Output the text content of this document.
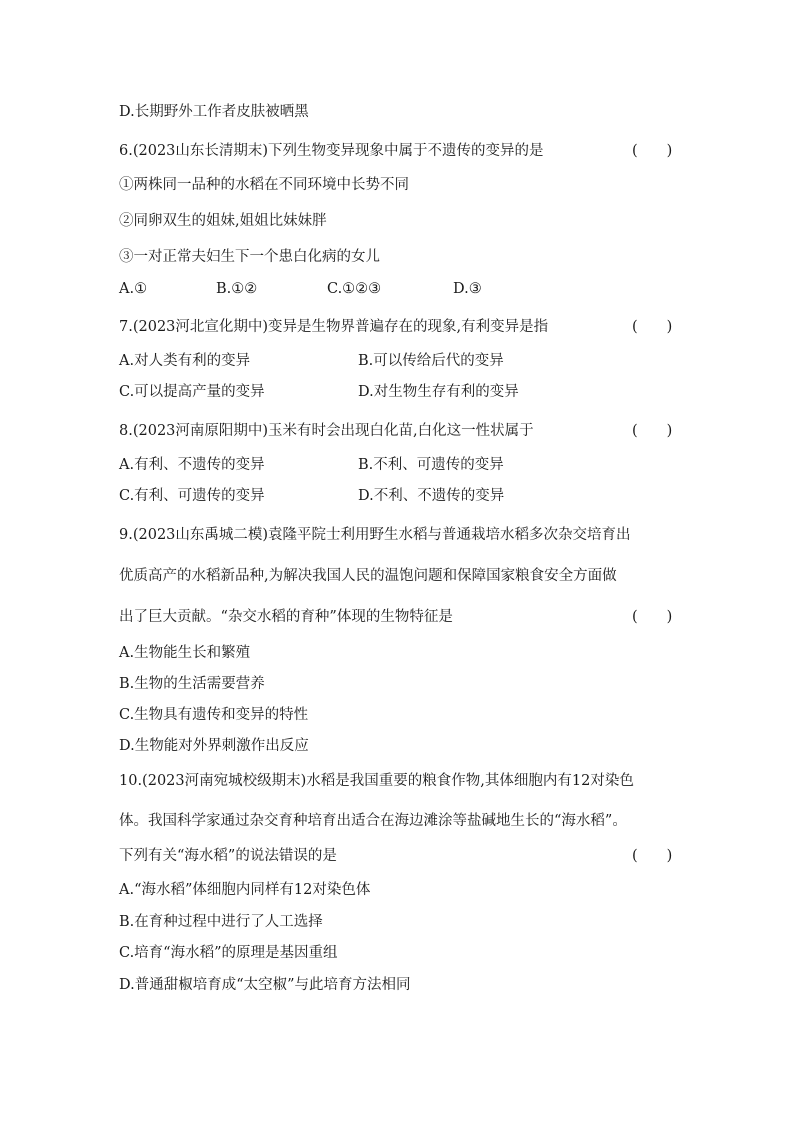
D.长期野外工作者皮肤被晒黑
6.(2023山东长清期末)下列生物变异现象中属于不遗传的变异的是	(　　)
①两株同一品种的水稻在不同环境中长势不同
②同卵双生的姐妹,姐姐比妹妹胖
③一对正常夫妇生下一个患白化病的女儿
A.①	B.①②	C.①②③	D.③
7.(2023河北宣化期中)变异是生物界普遍存在的现象,有利变异是指	(　　)
A.对人类有利的变异	B.可以传给后代的变异
C.可以提高产量的变异	D.对生物生存有利的变异
8.(2023河南原阳期中)玉米有时会出现白化苗,白化这一性状属于	(　　)
A.有利、不遗传的变异	B.不利、可遗传的变异
C.有利、可遗传的变异	D.不利、不遗传的变异
9.(2023山东禹城二模)袁隆平院士利用野生水稻与普通栽培水稻多次杂交培育出
优质高产的水稻新品种,为解决我国人民的温饱问题和保障国家粮食安全方面做
出了巨大贡献。“杂交水稻的育种”体现的生物特征是	(　　)
A.生物能生长和繁殖
B.生物的生活需要营养
C.生物具有遗传和变异的特性
D.生物能对外界刺激作出反应
10.(2023河南宛城校级期末)水稻是我国重要的粮食作物,其体细胞内有12对染色
体。我国科学家通过杂交育种培育出适合在海边滩涂等盐碱地生长的“海水稻”。
下列有关“海水稻”的说法错误的是	(　　)
A.“海水稻”体细胞内同样有12对染色体
B.在育种过程中进行了人工选择
C.培育“海水稻”的原理是基因重组
D.普通甜椒培育成“太空椒”与此培育方法相同
